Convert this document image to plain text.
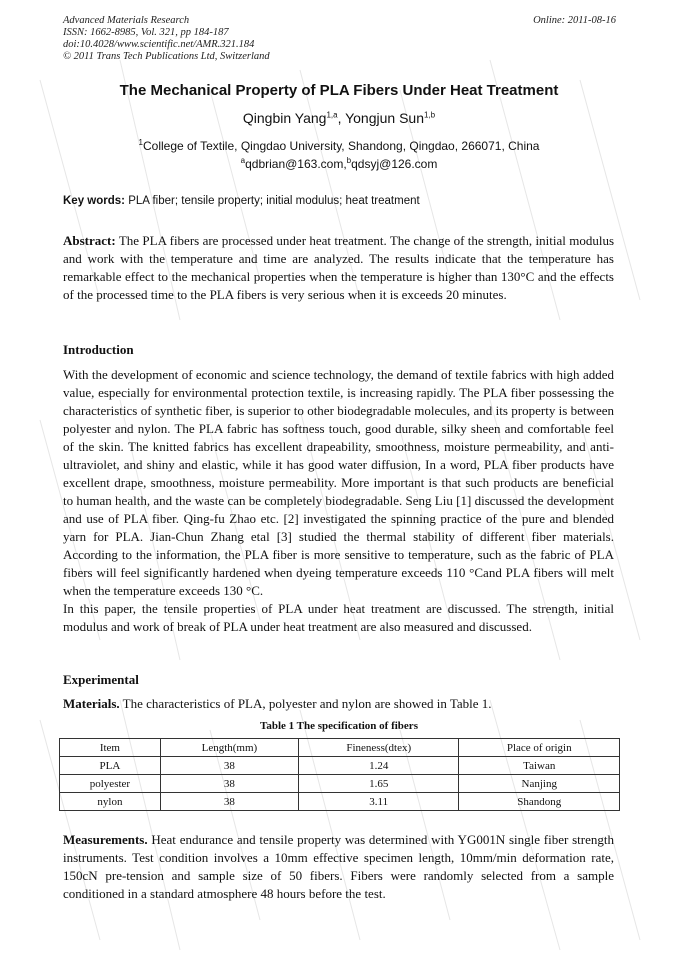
Advanced Materials Research
ISSN: 1662-8985, Vol. 321, pp 184-187
doi:10.4028/www.scientific.net/AMR.321.184
© 2011 Trans Tech Publications Ltd, Switzerland
Online: 2011-08-16
The Mechanical Property of PLA Fibers Under Heat Treatment
Qingbin Yang$^{1,a}$, Yongjun Sun$^{1,b}$
$^1$College of Textile, Qingdao University, Shandong, Qingdao, 266071, China
$^a$qdbrian@163.com,$^b$qdsyj@126.com
Key words: PLA fiber; tensile property; initial modulus; heat treatment
Abstract: The PLA fibers are processed under heat treatment. The change of the strength, initial modulus and work with the temperature and time are analyzed. The results indicate that the temperature has remarkable effect to the mechanical properties when the temperature is higher than 130°C and the effects of the processed time to the PLA fibers is very serious when it is exceeds 20 minutes.
Introduction
With the development of economic and science technology, the demand of textile fabrics with high added value, especially for environmental protection textile, is increasing rapidly. The PLA fiber possessing the characteristics of synthetic fiber, is superior to other biodegradable molecules, and its property is between polyester and nylon. The PLA fabric has softness touch, good durable, silky sheen and comfortable feel of the skin. The knitted fabrics has excellent drapeability, smoothness, moisture permeability, and anti-ultraviolet, and shiny and elastic, while it has good water diffusion, In a word, PLA fiber products have excellent drape, smoothness, moisture permeability. More important is that such products are beneficial to human health, and the waste can be completely biodegradable. Seng Liu [1] discussed the development and use of PLA fiber. Qing-fu Zhao etc. [2] investigated the spinning practice of the pure and blended yarn for PLA. Jian-Chun Zhang etal [3] studied the thermal stability of different fiber materials. According to the information, the PLA fiber is more sensitive to temperature, such as the fabric of PLA fibers will feel significantly hardened when dyeing temperature exceeds 110 °Cand PLA fibers will melt when the temperature exceeds 130 °C.
In this paper, the tensile properties of PLA under heat treatment are discussed. The strength, initial modulus and work of break of PLA under heat treatment are also measured and discussed.
Experimental
Materials. The characteristics of PLA, polyester and nylon are showed in Table 1.
Table 1 The specification of fibers
Item	Length(mm)	Fineness(dtex)	Place of origin
PLA	38	1.24	Taiwan
polyester	38	1.65	Nanjing
nylon	38	3.11	Shandong
Measurements. Heat endurance and tensile property was determined with YG001N single fiber strength instruments. Test condition involves a 10mm effective specimen length, 10mm/min deformation rate, 150cN pre-tension and sample size of 50 fibers. Fibers were randomly selected from a sample conditioned in a standard atmosphere 48 hours before the test.
